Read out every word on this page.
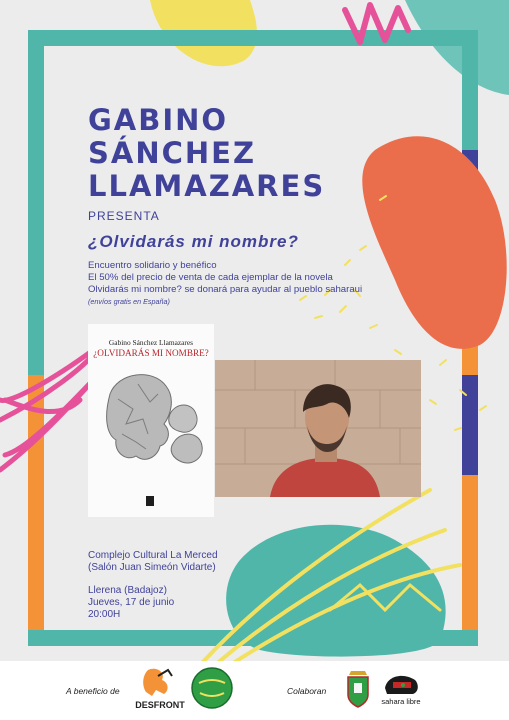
GABINO
SÁNCHEZ
LLAMAZARES
PRESENTA
¿Olvidarás mi nombre?
Encuentro solidario y benéfico
El 50% del precio de venta de cada ejemplar de la novela
Olvidarás mi nombre? se donará para ayudar al pueblo saharaui
(envíos gratis en España)
Gabino Sánchez Llamazares
¿OLVIDARÁS MI NOMBRE?
Complejo Cultural La Merced
(Salón Juan Simeón Vidarte)
Llerena (Badajoz)
Jueves, 17 de junio
20:00H
A beneficio de	Colaboran
DESFRONT	sahara libre
